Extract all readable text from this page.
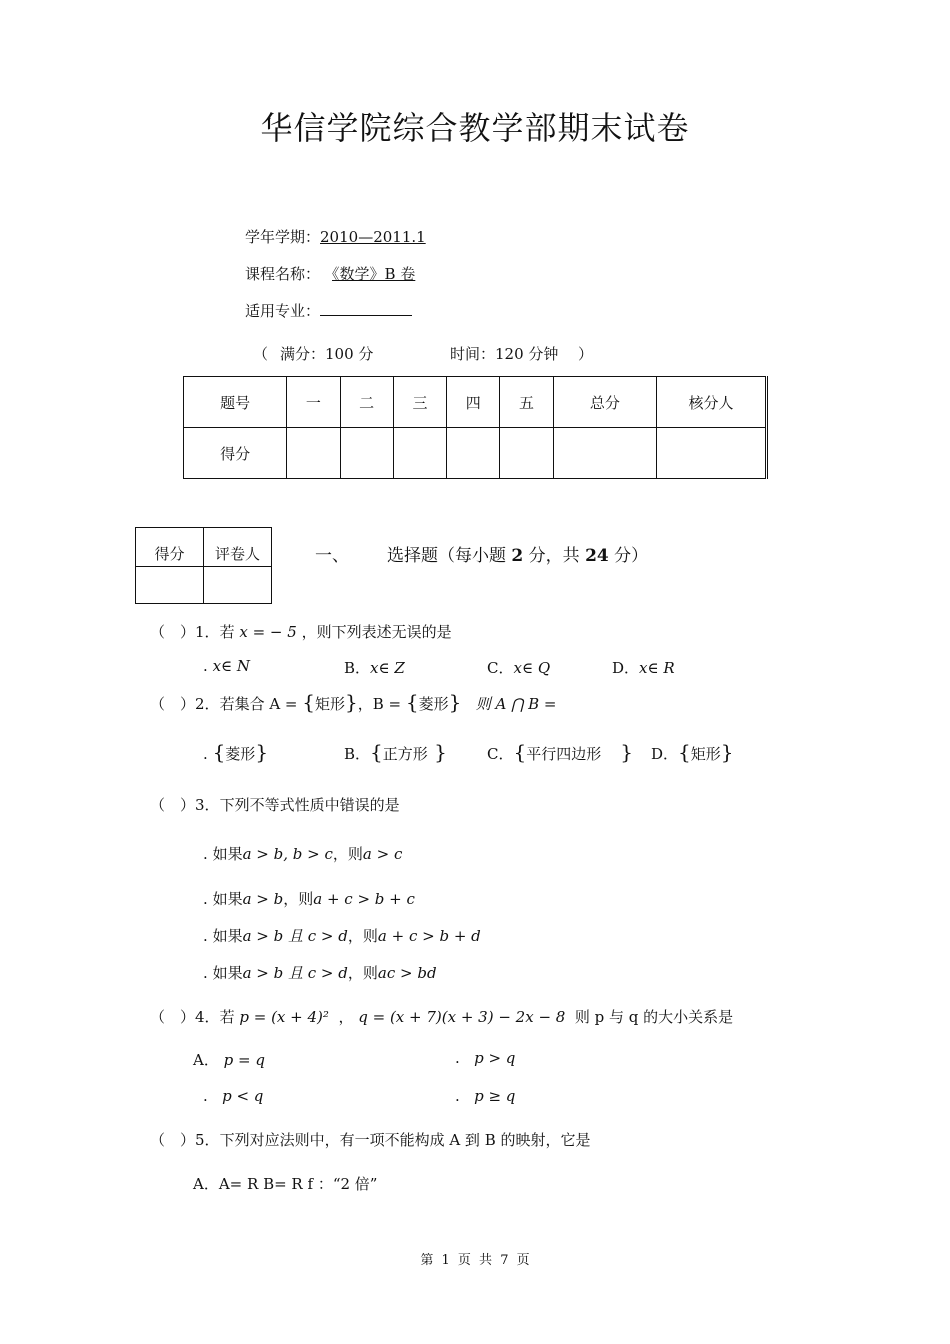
华信学院综合教学部期末试卷
学年学期：2010—2011.1
课程名称： 《数学》B 卷
适用专业：
（ 满分：100 分	时间：120 分钟 ）
题号	一	二	三	四	五	总分	核分人
得分							
得分	评卷人
		一、 选择题（每小题 2 分，共 24 分）
（　）1．若 x = − 5 ，则下列表述无误的是
. x∈ N	B．x∈ Z	C．x∈ Q	D．x∈ R
（　）2．若集合 A = {矩形}，B = {菱形} 则 A ⋂ B =
. {菱形}	B．{正方形 }	C．{平行四边形   } D．{矩形}
（　）3．下列不等式性质中错误的是
. 如果a > b, b > c，则a > c
. 如果a > b，则a + c > b + c
. 如果a > b 且 c > d，则a + c > b + d
. 如果a > b 且 c > d，则ac > bd
（　）4．若 p = (x + 4)² ， q = (x + 7)(x + 3) − 2x − 8 则 p 与 q 的大小关系是
A． p = q	. p > q
. p < q	. p ≥ q
（　）5．下列对应法则中，有一项不能构成 A 到 B 的映射，它是
A．A= R B= R f ：“2 倍”
第 1 页 共 7 页
